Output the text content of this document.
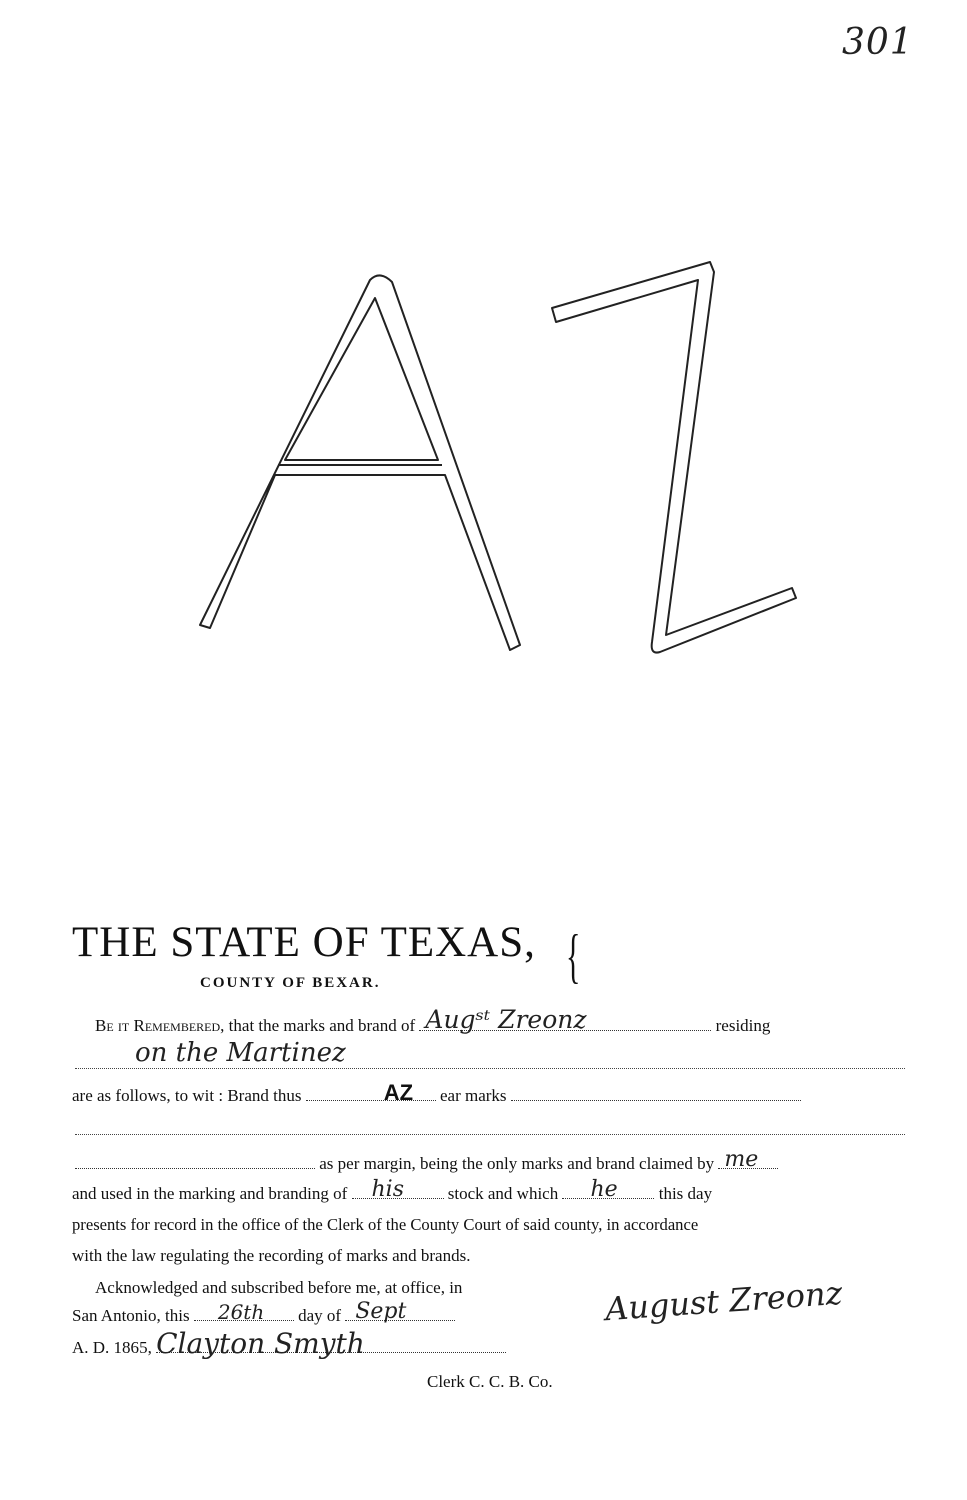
301
THE STATE OF TEXAS, {
COUNTY OF BEXAR.
Be it Remembered, that the marks and brand of Augˢᵗ Zreonz	residing
on the Martinez
are as follows, to wit : Brand thus	AZ ear marks
as per margin, being the only marks and brand claimed by me
and used in the marking and branding of his	stock and which he this day
presents for record in the office of the Clerk of the County Court of said county, in accordance
with the law regulating the recording of marks and brands.
Acknowledged and subscribed before me, at office, in
San Antonio, this 26th day of Sept
A. D. 1865, Clayton Smyth
Clerk C. C. B. Co.
August Zreonz
